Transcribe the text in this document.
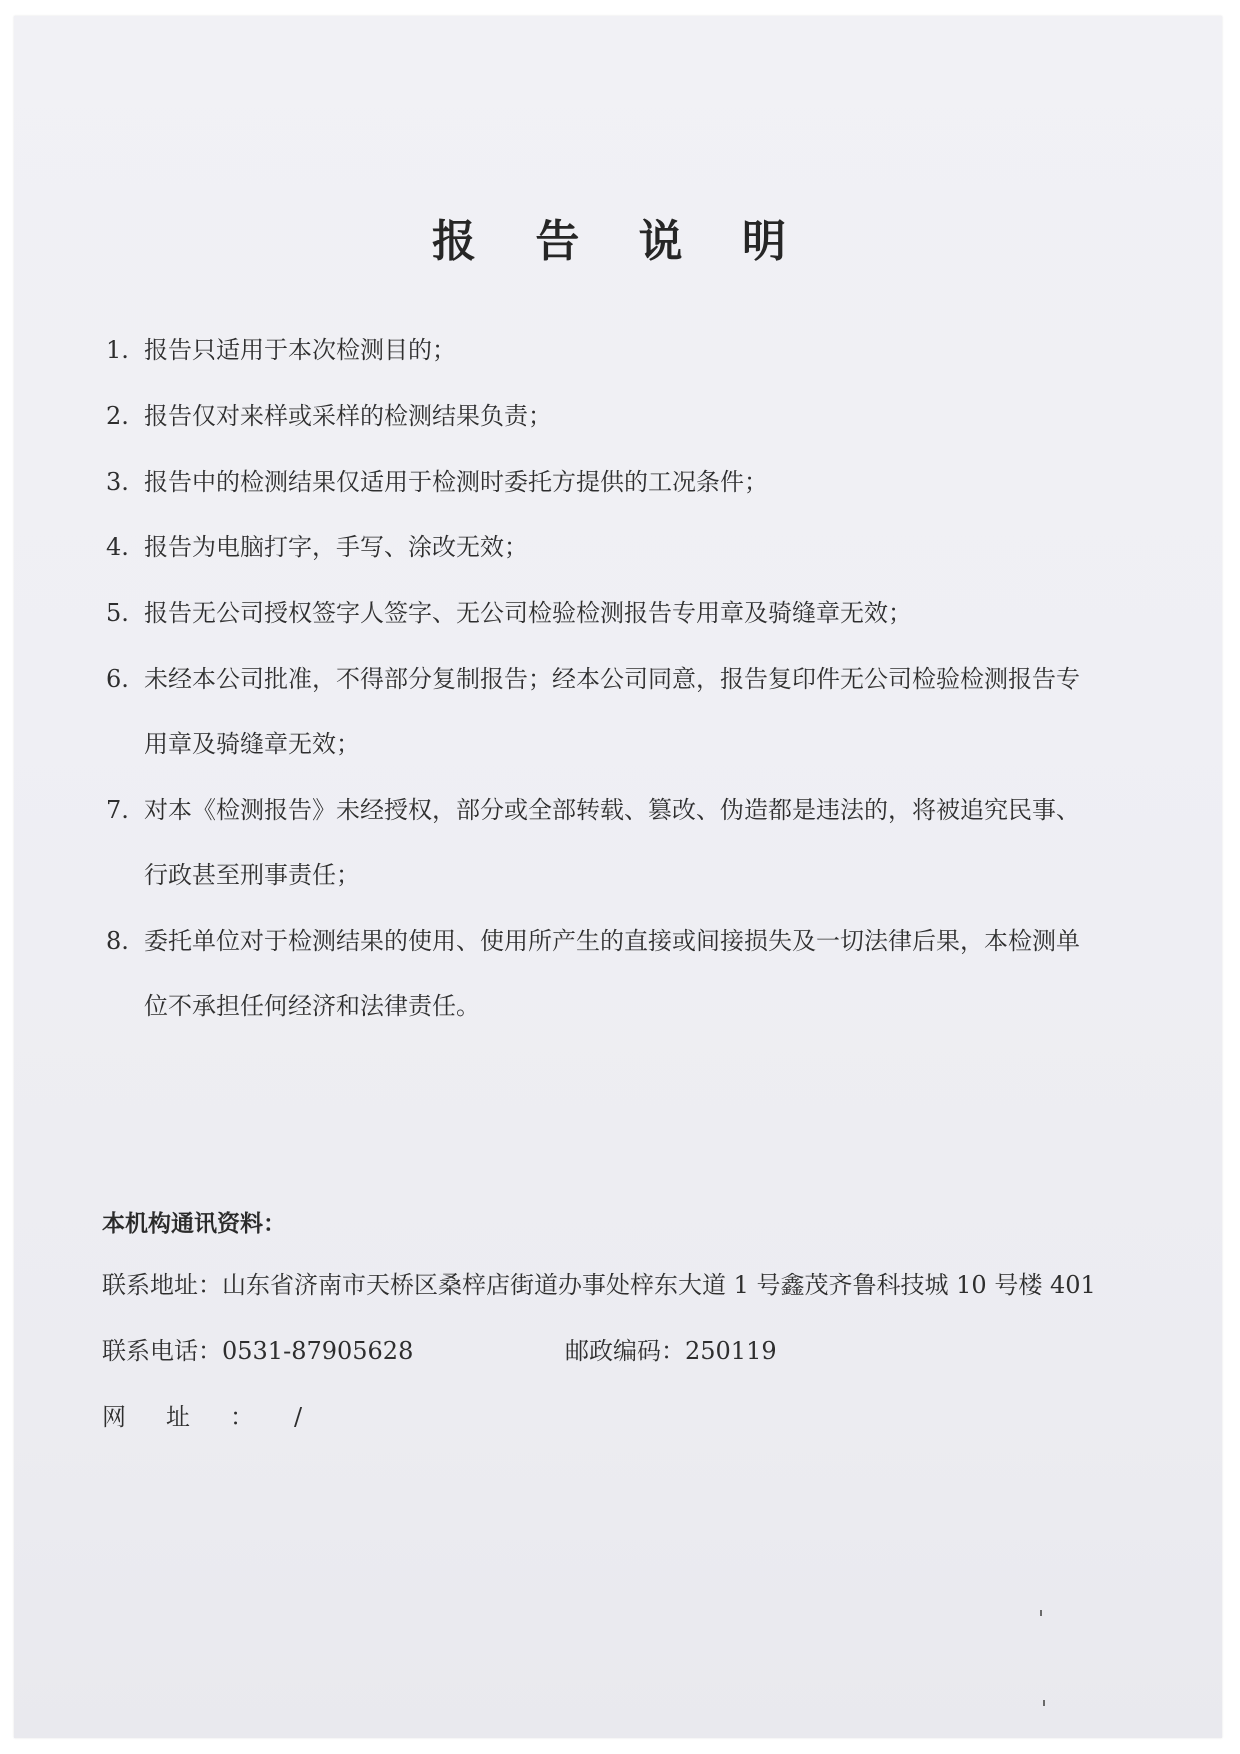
报 告 说 明
1. 报告只适用于本次检测目的；
2. 报告仅对来样或采样的检测结果负责；
3. 报告中的检测结果仅适用于检测时委托方提供的工况条件；
4. 报告为电脑打字，手写、涂改无效；
5. 报告无公司授权签字人签字、无公司检验检测报告专用章及骑缝章无效；
6. 未经本公司批准，不得部分复制报告；经本公司同意，报告复印件无公司检验检测报告专
用章及骑缝章无效；
7. 对本《检测报告》未经授权，部分或全部转载、篡改、伪造都是违法的，将被追究民事、
行政甚至刑事责任；
8. 委托单位对于检测结果的使用、使用所产生的直接或间接损失及一切法律后果，本检测单
位不承担任何经济和法律责任。
本机构通讯资料：
联系地址：山东省济南市天桥区桑梓店街道办事处梓东大道 1 号鑫茂齐鲁科技城 10 号楼 401
联系电话：0531-87905628	邮政编码：250119
网址：/
